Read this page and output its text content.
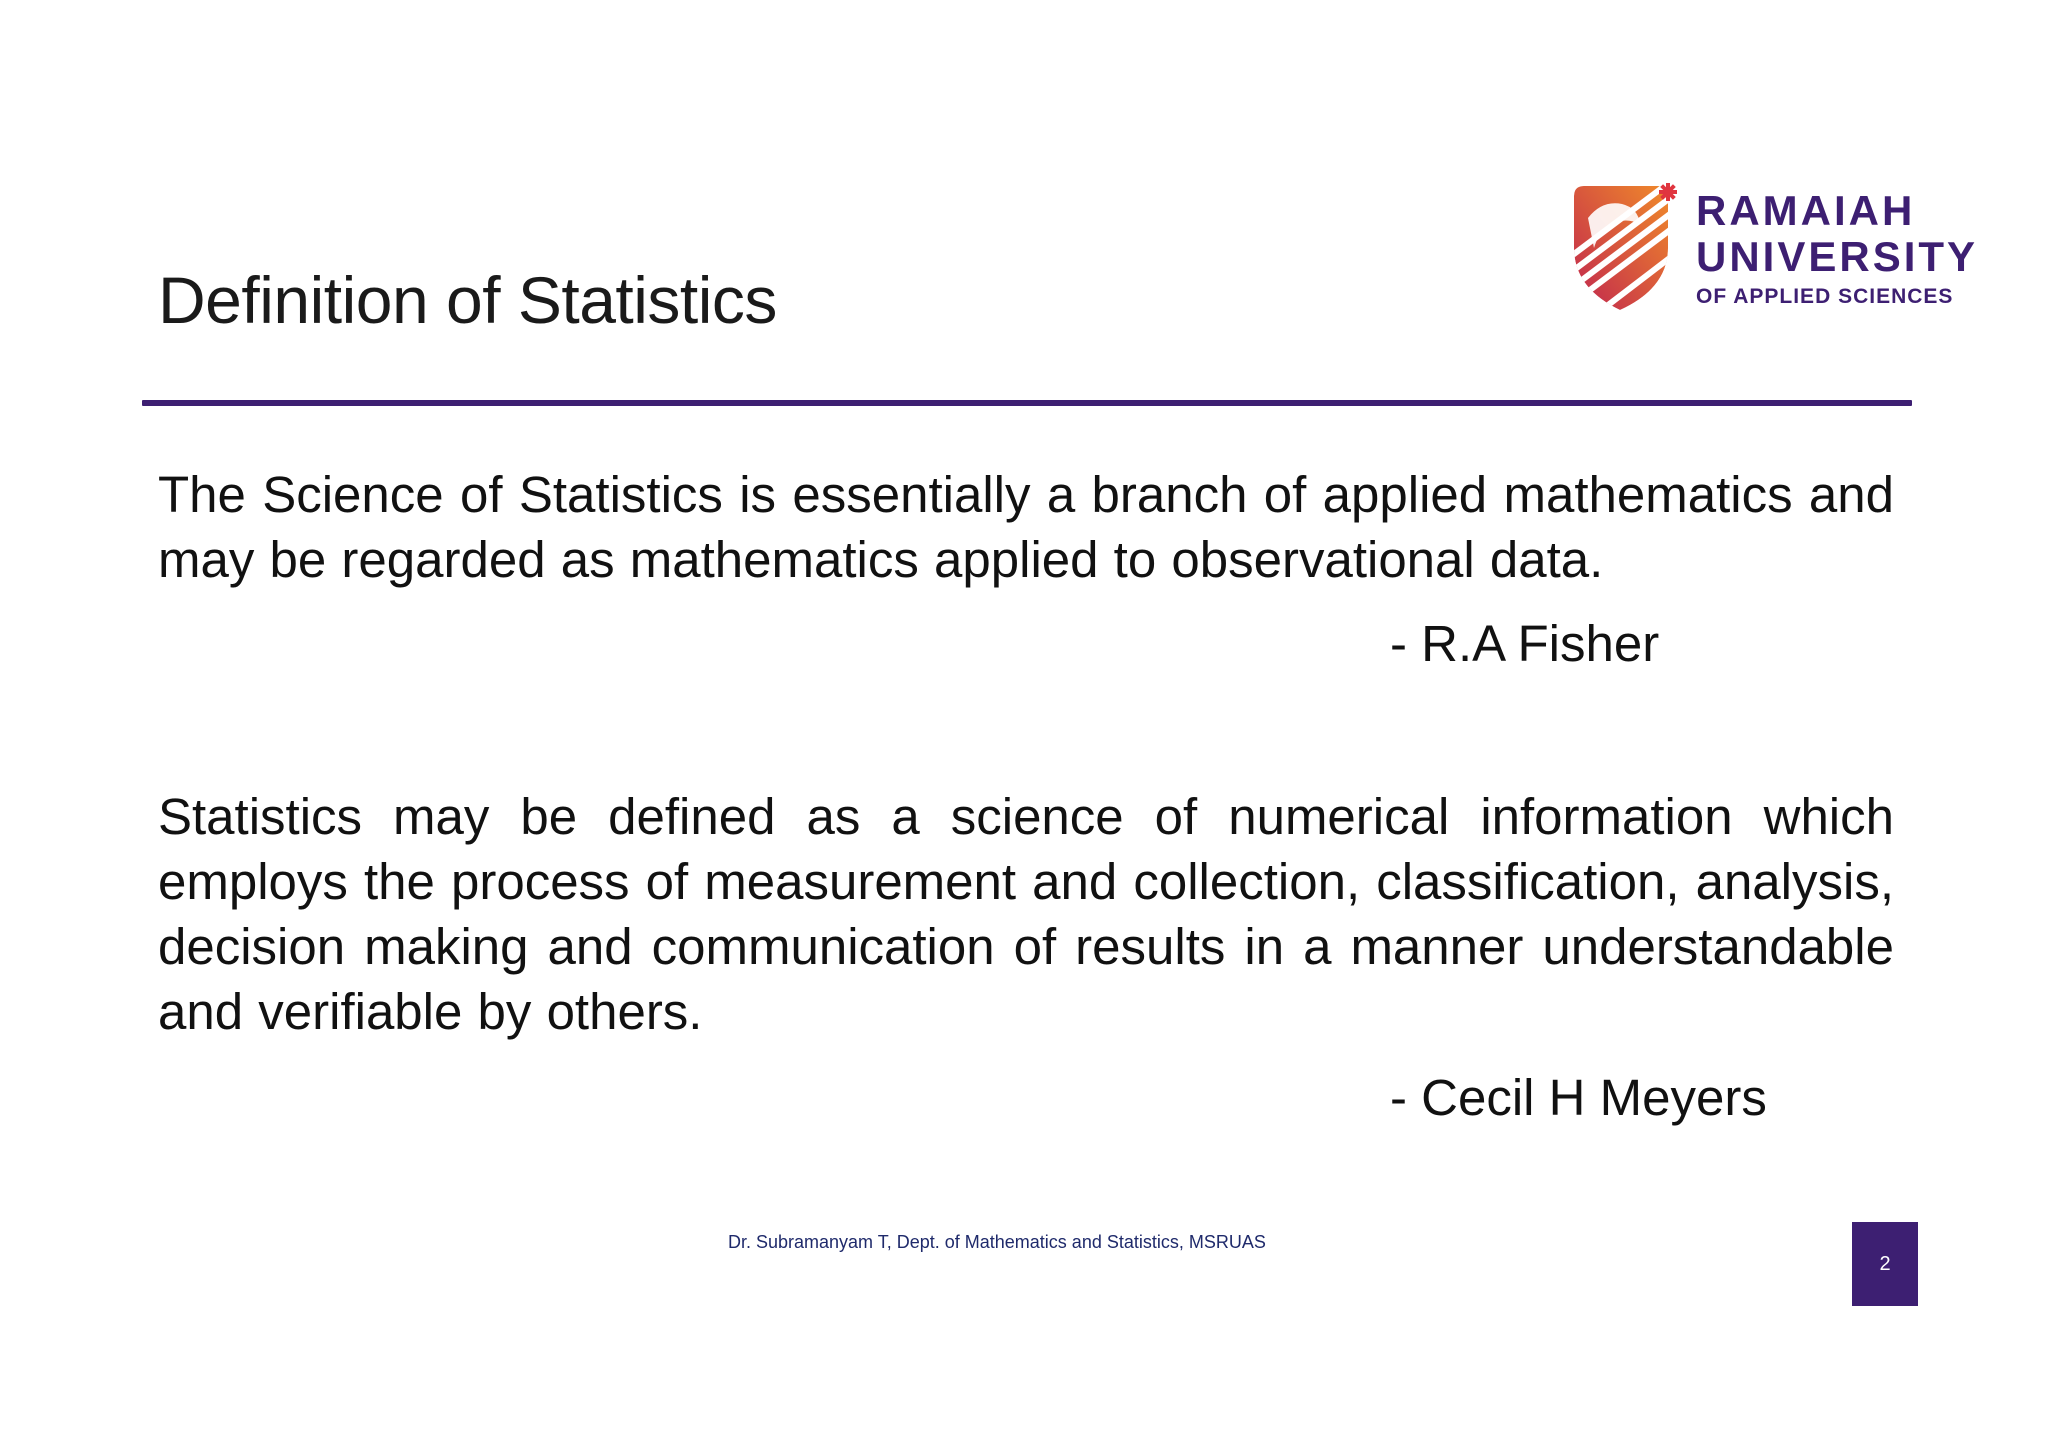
Definition of Statistics
RAMAIAH
UNIVERSITY
OF APPLIED SCIENCES
The Science of Statistics is essentially a branch of applied mathematics and may be regarded as mathematics applied to observational data.
- R.A Fisher
Statistics may be defined as a science of numerical information which employs the process of measurement and collection, classification, analysis, decision making and communication of results in a manner understandable and verifiable by others.
- Cecil H Meyers
Dr. Subramanyam T, Dept. of Mathematics and Statistics, MSRUAS
2
